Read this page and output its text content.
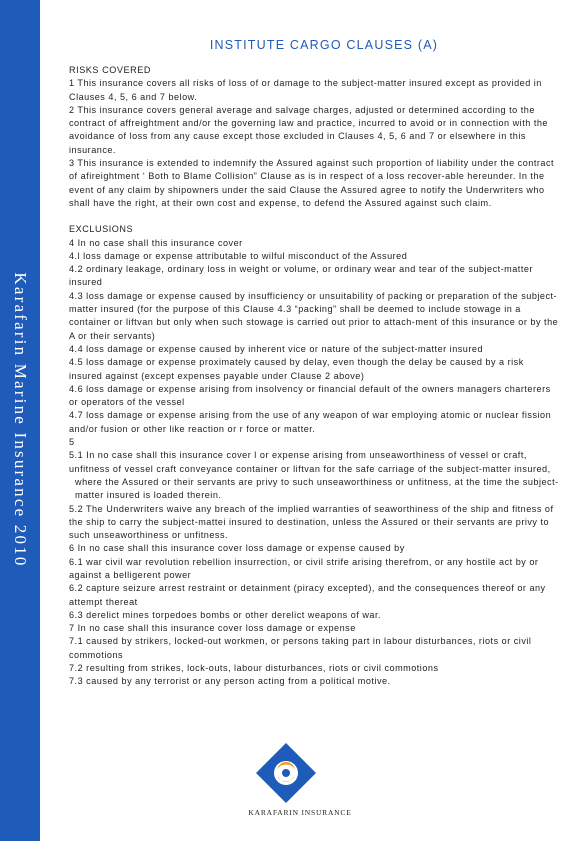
Karafarin Marine Insurance 2010
INSTITUTE CARGO CLAUSES (A)
RISKS COVERED
1 This insurance covers all risks of loss of or damage to the subject-matter insured except as provided in Clauses 4, 5, 6 and 7 below.
2 This insurance covers general average and salvage charges, adjusted or determined according to the contract of affreightment and/or the governing law and practice, incurred to avoid or in connection with the avoidance of loss from any cause except those excluded in Clauses 4, 5, 6 and 7 or elsewhere in this insurance.
3 This insurance is extended to indemnify the Assured against such proportion of liability under the contract of afireightment ‘ Both to Blame Collision” Clause as is in respect of a loss recover-able hereunder. In the event of any claim by shipowners under the said Clause the Assured agree to notify the Underwriters who shall have the right, at their own cost and expense, to defend the Assured against such claim.
EXCLUSIONS
4 In no case shall this insurance cover
4.l loss damage or expense attributable to wilful misconduct of the Assured
4.2 ordinary leakage, ordinary loss in weight or volume, or ordinary wear and tear of the subject-matter insured
4.3 loss damage or expense caused by insufficiency or unsuitability of packing or preparation of the subject-matter insured (for the purpose of this Clause 4.3 “packing” shall be deemed to include stowage in a container or liftvan but only when such stowage is carried out prior to attach-ment of this insurance or by the A or their servants)
4.4 loss damage or expense caused by inherent vice or nature of the subject-matter insured
4.5 loss damage or expense proximately caused by delay, even though the delay be caused by a risk insured against (except expenses payable under Clause 2 above)
4.6 loss damage or expense arising from insolvency or financial default of the owners managers charterers or operators of the vessel
4.7 loss damage or expense arising from the use of any weapon of war employing atomic or nuclear fission and/or fusion or other like reaction or r force or matter.
5
5.1 In no case shall this insurance cover l or expense arising from unseaworthiness of vessel or craft, unfitness of vessel craft conveyance container or liftvan for the safe carriage of the subject-matter insured,
where the Assured or their servants are privy to such unseaworthiness or unfitness, at the time the subject-matter insured is loaded therein.
5.2 The Underwriters waive any breach of the implied warranties of seaworthiness of the ship and fitness of the ship to carry the subject-mattei insured to destination, unless the Assured or their servants are privy to such unseaworthiness or unfitness.
6 In no case shall this insurance cover loss damage or expense caused by
6.1 war civil war revolution rebellion insurrection, or civil strife arising therefrom, or any hostile act by or against a belligerent power
6.2 capture seizure arrest restraint or detainment (piracy excepted), and the consequences thereof or any attempt thereat
6.3 derelict mines torpedoes bombs or other derelict weapons of war.
7 In no case shall this insurance cover loss damage or expense
7.1 caused by strikers, locked-out workmen, or persons taking part in labour disturbances, riots or civil commotions
7.2 resulting from strikes, lock-outs, labour disturbances, riots or civil commotions
7.3 caused by any terrorist or any person acting from a political motive.
KARAFARIN INSURANCE
